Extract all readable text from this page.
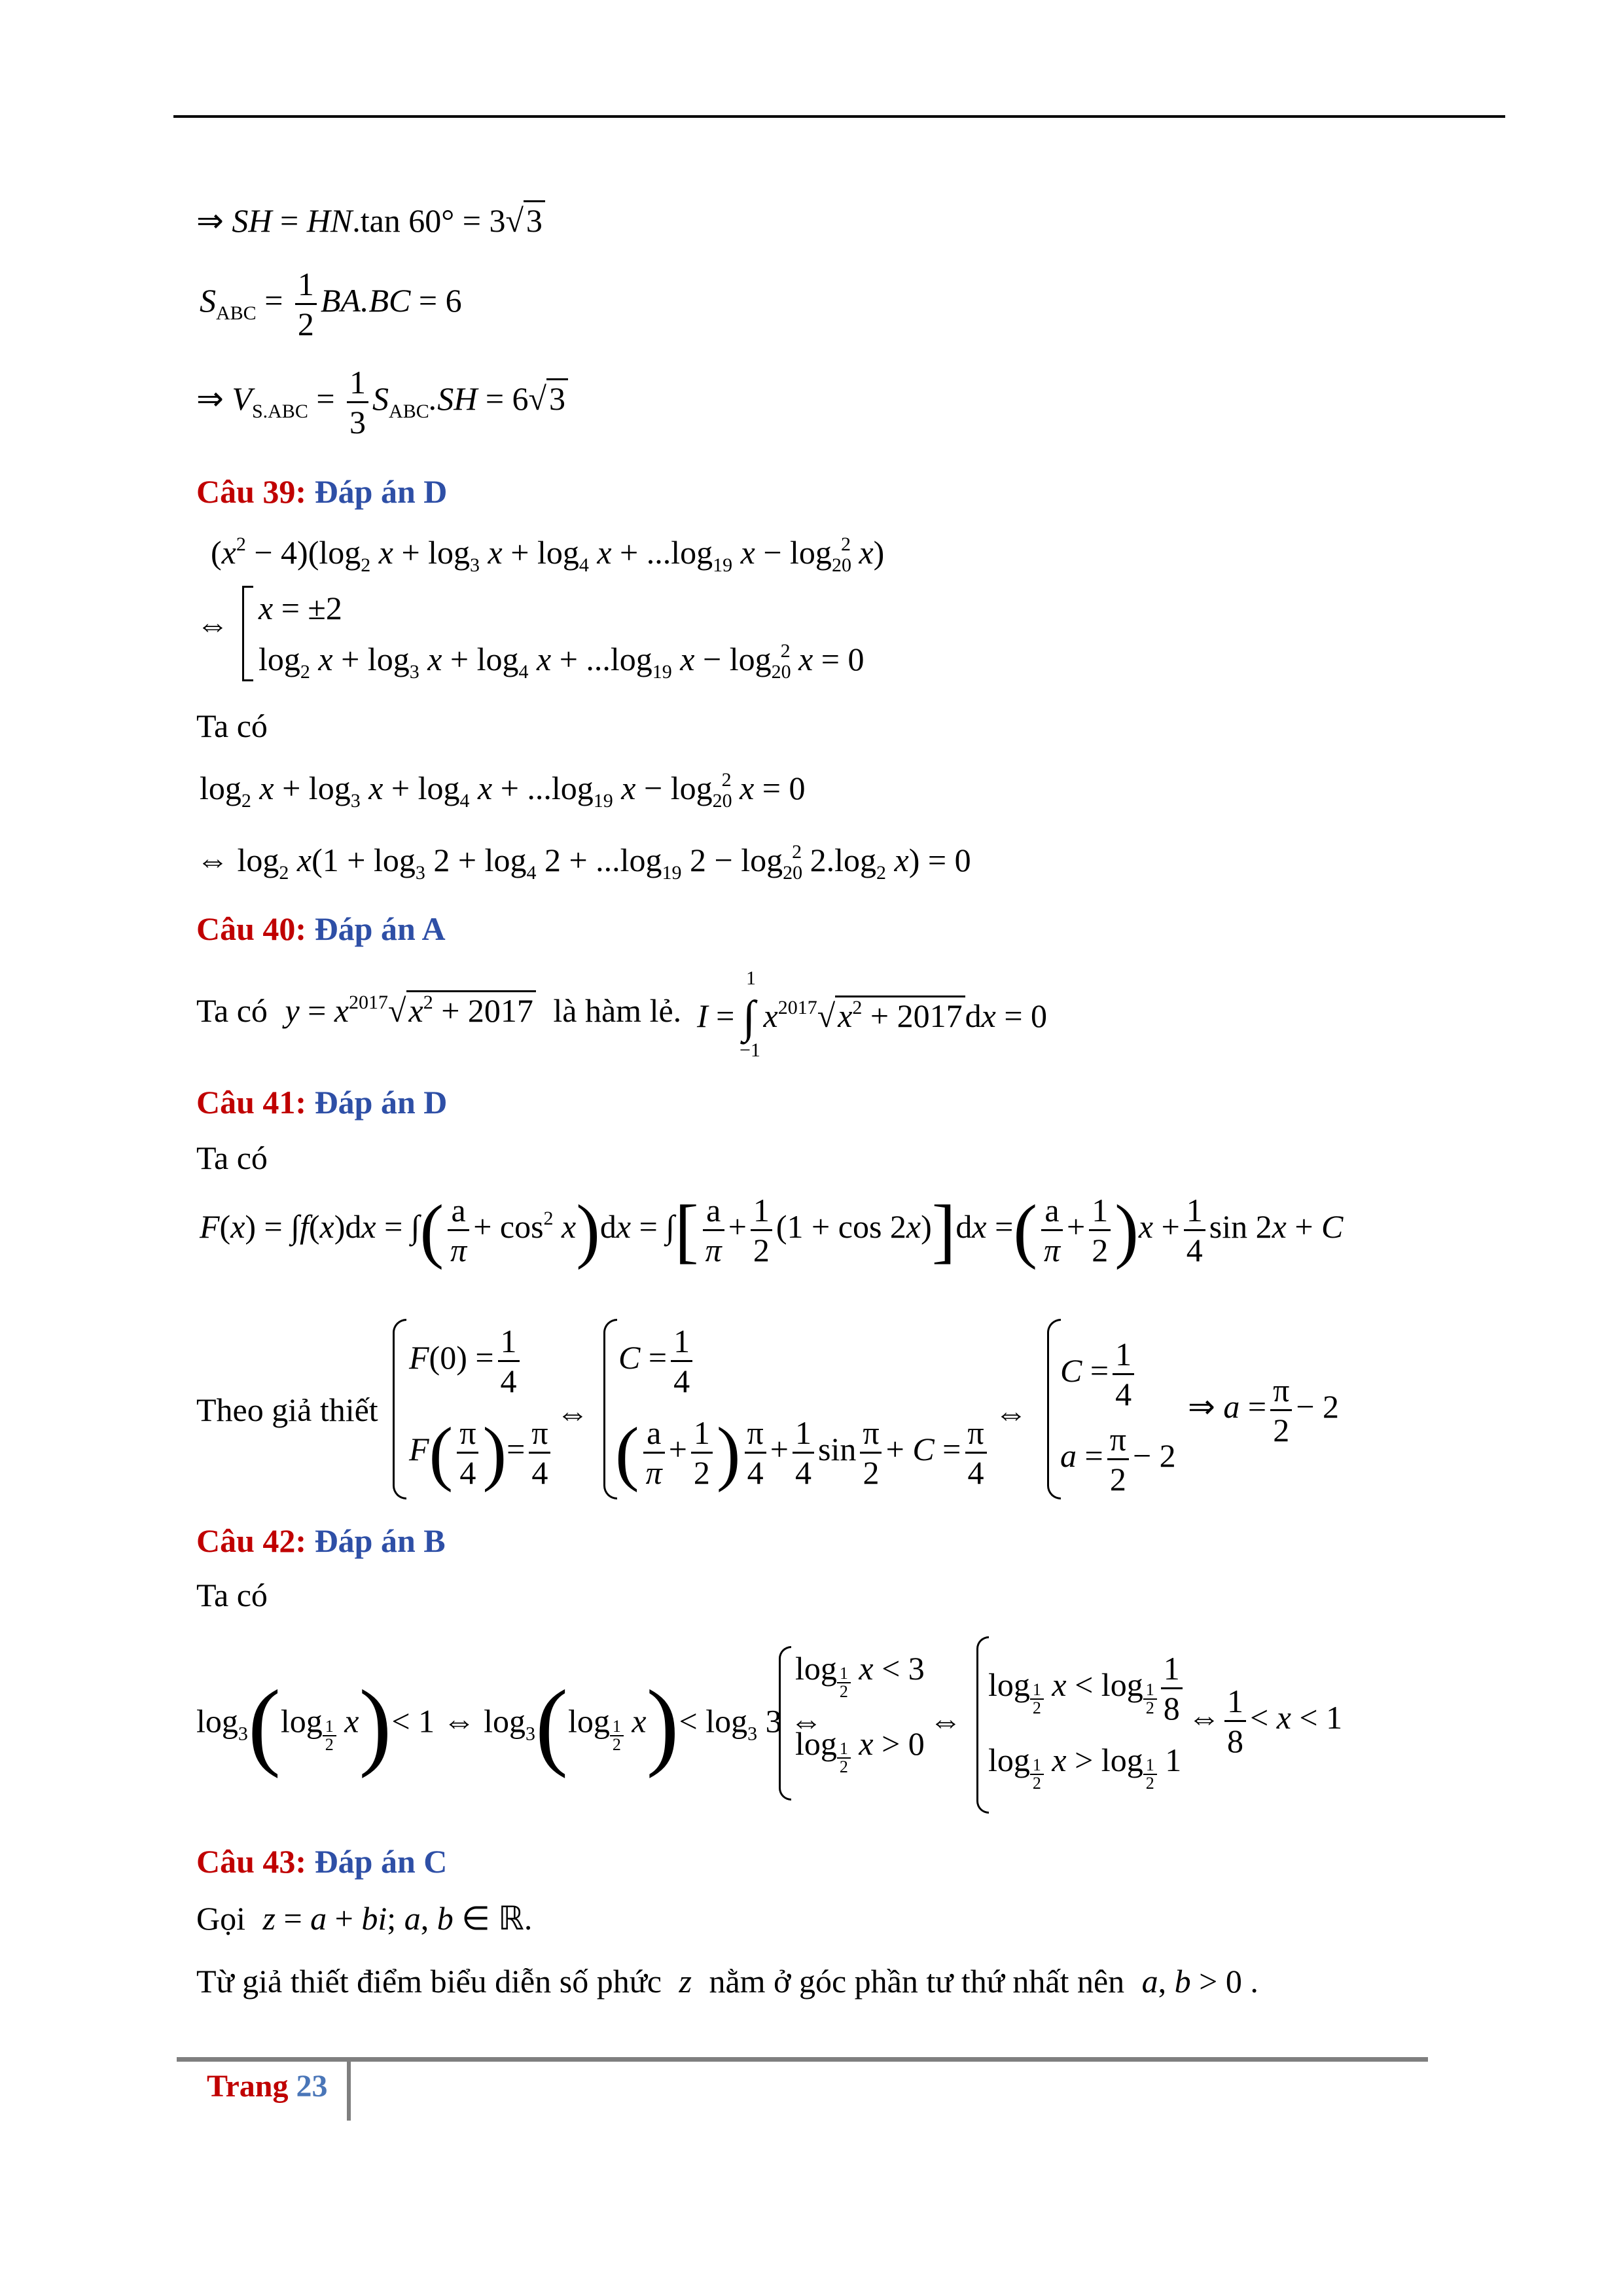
⇒ SH = HN.tan 60° = 3√3
$S_{ABC} = \frac{1}{2} BA.BC = 6$
⇒ $V_{S.ABC} = \frac{1}{3} S_{ABC}.SH = 6√3$
Câu 39: Đáp án D
$(x^2 - 4)(\log_2$ $x + \log_3 x + \log_4 x + ...\log_{19}$ $x - \log_{20}^2 x$)
⇔ x = ±2
$\log_2 x + \log_3 x + \log_4 x + ...\log_{19}$ $x - \log_{20}^2 x = 0$
Ta có
$\log_2 x + \log_3 x + \log_4 x + ...\log_{19}$ $x - \log_{20}^2 x = 0$
⇔ $\log_2 x(1 + \log_3 2 + \log_4 2 + ...\log_{19}$ $2 - \log_{20}^2 2.\log_2$ x) = 0
Câu 40: Đáp án A
Ta có $y = x^{2017}√x^2 + 2017$ là hàm lẻ. I = ∫ $x^{2017}√x^2 + 2017dx = 0$
1
−1
Câu 41: Đáp án D
Ta có
F(x) = ∫f(x)dx = ∫( $\frac{a}{\pi} + \cos^2 x)dx$ = ∫[ $\frac{a}{\pi} + \frac{1}{2} (1 + \cos 2x)]dx$ =( $\frac{a}{\pi} + \frac{1}{2} )x + \frac{1}{4}$ sin 2x + C
Theo giả thiết
$F(0) = \frac{1}{4}$
$F( \frac{\pi}{4}$ )= $\frac{\pi}{4}$
⇔
$C = \frac{1}{4}$
( $\frac{a}{\pi} + \frac{1}{2}$ ) $\frac{\pi}{4} + \frac{1}{4}$ $\sin \frac{\pi}{2} + C = \frac{\pi}{4}$
⇔
$C = \frac{1}{4}$
$a = \frac{\pi}{2} - 2$
⇒ $a = \frac{\pi}{2} - 2$
Câu 42: Đáp án B
Ta có
$\log_3(\log$ $_{\frac{1}{2}}$ x)< 1 ⇔ $\log_3(\log$ $_{\frac{1}{2}}$ $x)< \log_3 3$ ⇔
log $_{\frac{1}{2}}$ x < 3
log $_{\frac{1}{2}}$ x > 0
⇔
log $_{\frac{1}{2}}$ $x < \log _{\frac{1}{2}} \frac{1}{8}$
log $_{\frac{1}{2}}$ x > log $_{\frac{1}{2}}$ 1
⇔ $\frac{1}{8} < x < 1$
Câu 43: Đáp án C
Gọi z = a + bi; a, b ∈ ℝ.
Từ giả thiết điểm biểu diễn số phức z nằm ở góc phần tư thứ nhất nên a, b > 0 .
Trang 23
